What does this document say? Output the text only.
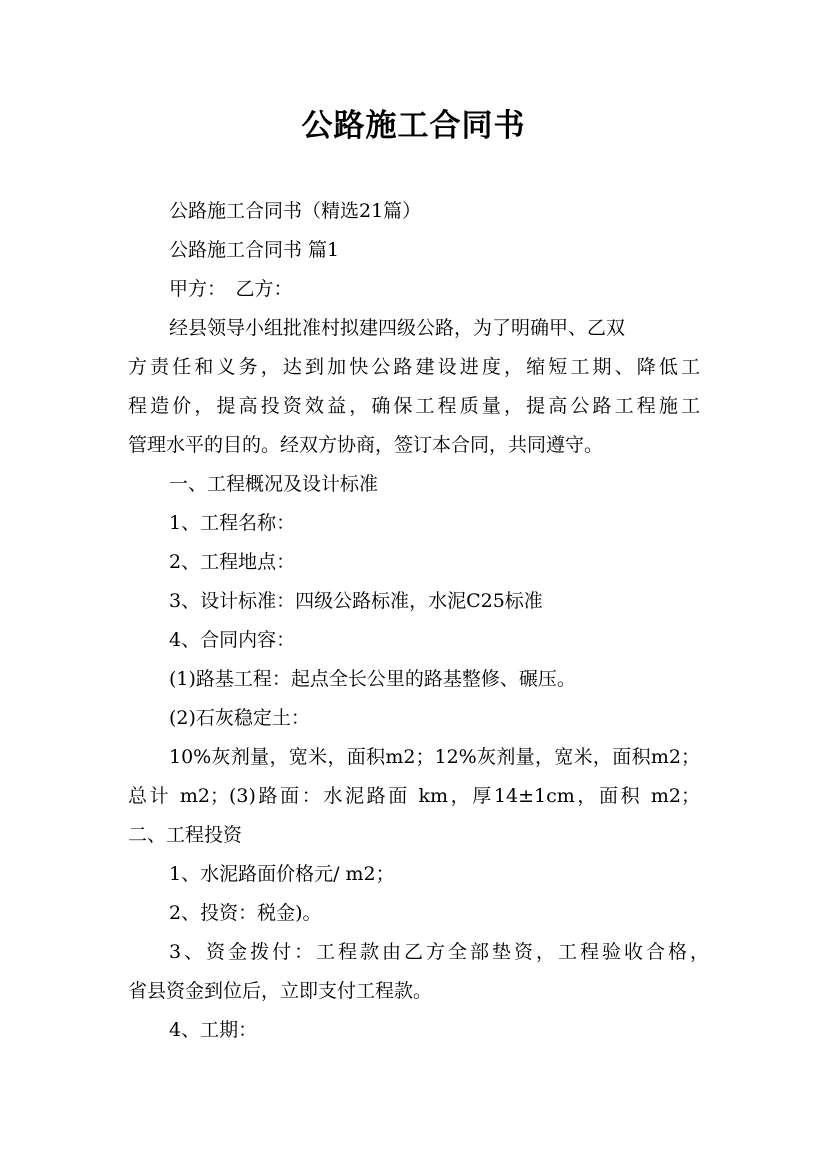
公路施工合同书
公路施工合同书（精选21篇）
公路施工合同书 篇1
甲方：　乙方：
经县领导小组批准村拟建四级公路，为了明确甲、乙双
方责任和义务，达到加快公路建设进度，缩短工期、降低工
程造价，提高投资效益，确保工程质量，提高公路工程施工
管理水平的目的。经双方协商，签订本合同，共同遵守。
一、工程概况及设计标准
1、工程名称：
2、工程地点：
3、设计标准：四级公路标准，水泥C25标准
4、合同内容：
(1)路基工程：起点全长公里的路基整修、碾压。
(2)石灰稳定土：
10%灰剂量，宽米，面积m2；12%灰剂量，宽米，面积m2；
总计 m2；(3)路面：水泥路面 km，厚14±1cm，面积 m2；
二、工程投资
1、水泥路面价格元/ m2；
2、投资：税金)。
3、资金拨付：工程款由乙方全部垫资，工程验收合格，
省县资金到位后，立即支付工程款。
4、工期：
